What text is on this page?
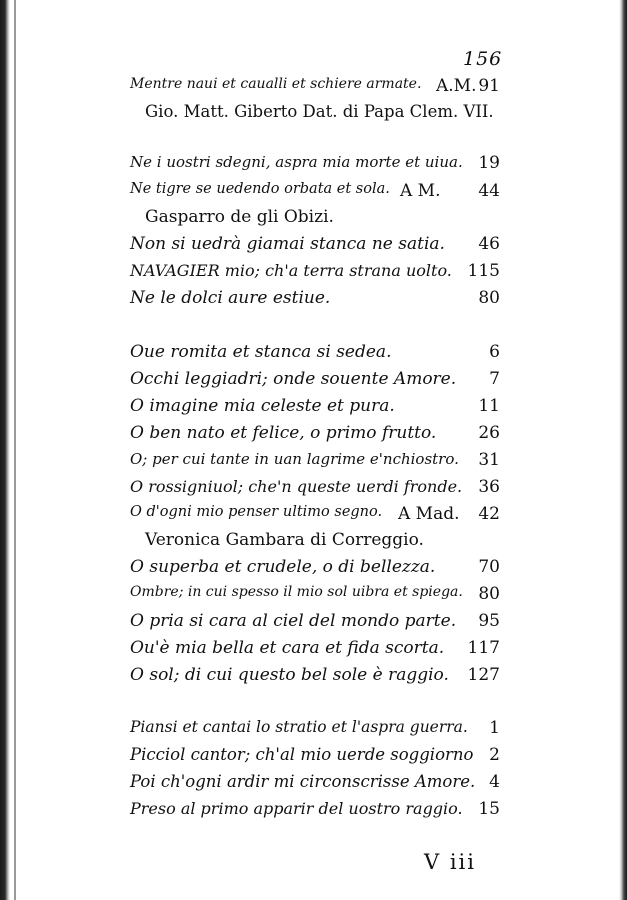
156
Mentre naui et caualli et schiere armate. A.M. 91
Gio. Matt. Giberto Dat. di Papa Clem. VII.
Ne i uostri sdegni, aspra mia morte et uiua. 19
Ne tigre se uedendo orbata et sola. A M. 44
Gasparro de gli Obizi.
Non si uedrà giamai stanca ne satia. 46
NAVAGIER mio; ch'a terra strana uolto. 115
Ne le dolci aure estiue.	80
Oue romita et stanca si sedea.	6
Occhi leggiadri; onde souente Amore. 7
O imagine mia celeste et pura.	11
O ben nato et felice, o primo frutto. 26
O; per cui tante in uan lagrime e'nchiostro. 31
O rossigniuol; che'n queste uerdi fronde. 36
O d'ogni mio penser ultimo segno. A Mad. 42
Veronica Gambara di Correggio.
O superba et crudele, o di bellezza.	70
Ombre; in cui spesso il mio sol uibra et spiega. 80
O pria si cara al ciel del mondo parte. 95
Ou'è mia bella et cara et fida scorta. 117
O sol; di cui questo bel sole è raggio. 127
Piansi et cantai lo stratio et l'aspra guerra. 1
Picciol cantor; ch'al mio uerde soggiorno 2
Poi ch'ogni ardir mi circonscrisse Amore. 4
Preso al primo apparir del uostro raggio. 15
V iii
